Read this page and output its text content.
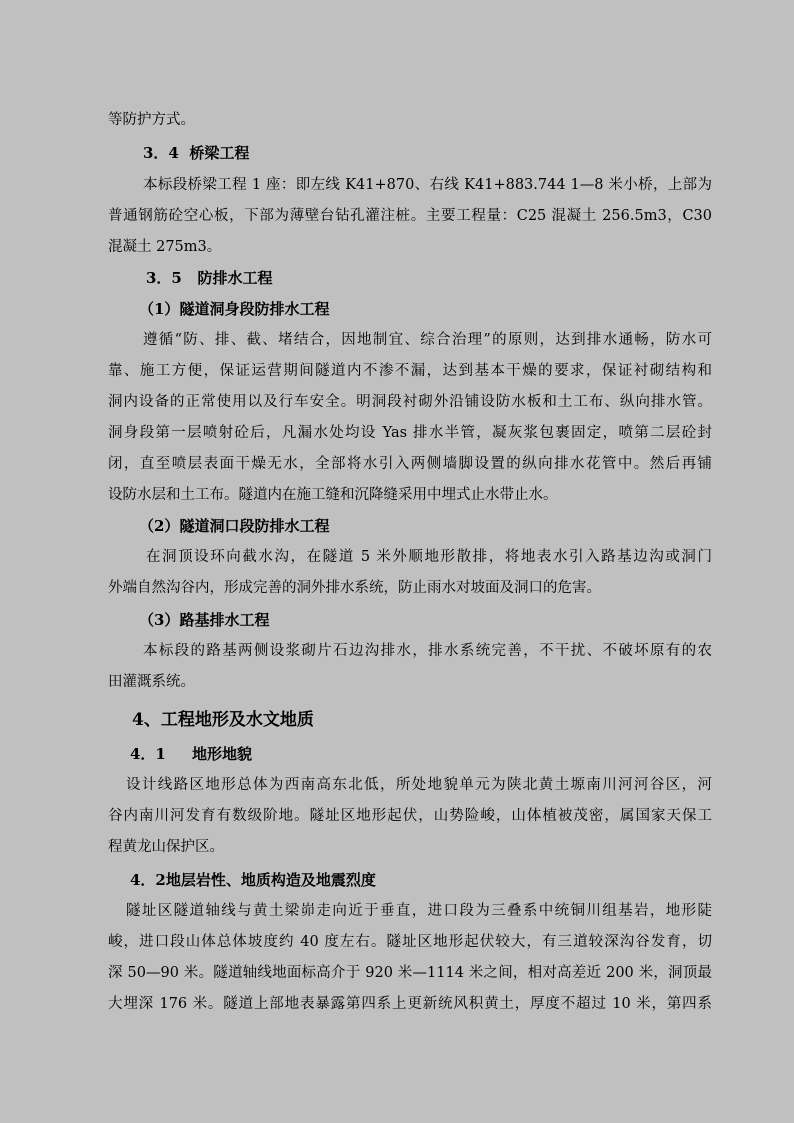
等防护方式。
3．4 桥梁工程
本标段桥梁工程 1 座：即左线 K41+870、右线 K41+883.744 1—8 米小桥，上部为
普通钢筋砼空心板，下部为薄壁台钻孔灌注桩。主要工程量：C25 混凝土 256.5m3，C30
混凝土 275m3。
3．5 防排水工程
（1）隧道洞身段防排水工程
遵循“防、排、截、堵结合，因地制宜、综合治理”的原则，达到排水通畅，防水可
靠、施工方便，保证运营期间隧道内不渗不漏，达到基本干燥的要求，保证衬砌结构和
洞内设备的正常使用以及行车安全。明洞段衬砌外沿铺设防水板和土工布、纵向排水管。
洞身段第一层喷射砼后，凡漏水处均设 Yas 排水半管，凝灰浆包裹固定，喷第二层砼封
闭，直至喷层表面干燥无水，全部将水引入两侧墙脚设置的纵向排水花管中。然后再铺
设防水层和土工布。隧道内在施工缝和沉降缝采用中埋式止水带止水。
（2）隧道洞口段防排水工程
在洞顶设环向截水沟，在隧道 5 米外顺地形散排，将地表水引入路基边沟或洞门
外端自然沟谷内，形成完善的洞外排水系统，防止雨水对坡面及洞口的危害。
（3）路基排水工程
本标段的路基两侧设浆砌片石边沟排水，排水系统完善，不干扰、不破坏原有的农
田灌溉系统。
4、工程地形及水文地质
4．1 地形地貌
设计线路区地形总体为西南高东北低，所处地貌单元为陕北黄土塬南川河河谷区，河
谷内南川河发育有数级阶地。隧址区地形起伏，山势险峻，山体植被茂密，属国家天保工
程黄龙山保护区。
4．2地层岩性、地质构造及地震烈度
隧址区隧道轴线与黄土梁峁走向近于垂直，进口段为三叠系中统铜川组基岩，地形陡
峻，进口段山体总体坡度约 40 度左右。隧址区地形起伏较大，有三道较深沟谷发育，切
深 50—90 米。隧道轴线地面标高介于 920 米—1114 米之间，相对高差近 200 米，洞顶最
大埋深 176 米。隧道上部地表暴露第四系上更新统风积黄土，厚度不超过 10 米，第四系
